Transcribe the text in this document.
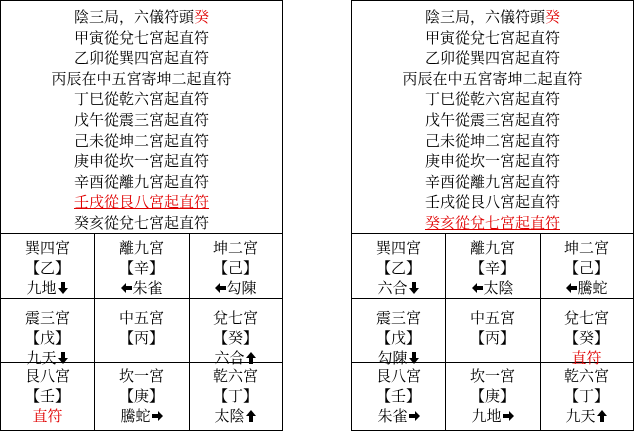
陰三局，六儀符頭癸
甲寅從兌七宮起直符
乙卯從巽四宮起直符
丙辰在中五宮寄坤二起直符
丁巳從乾六宮起直符
戊午從震三宮起直符
己未從坤二宮起直符
庚申從坎一宮起直符
辛酉從離九宮起直符
壬戌從艮八宮起直符
癸亥從兌七宮起直符
巽四宮
【乙】
九地
離九宮
【辛】
朱雀
坤二宮
【己】
勾陳
震三宮
【戊】
九天
中五宮
【丙】
兌七宮
【癸】
六合
艮八宮
【壬】
直符
坎一宮
【庚】
騰蛇
乾六宮
【丁】
太陰
陰三局，六儀符頭癸
甲寅從兌七宮起直符
乙卯從巽四宮起直符
丙辰在中五宮寄坤二起直符
丁巳從乾六宮起直符
戊午從震三宮起直符
己未從坤二宮起直符
庚申從坎一宮起直符
辛酉從離九宮起直符
壬戌從艮八宮起直符
癸亥從兌七宮起直符
巽四宮
【乙】
六合
離九宮
【辛】
太陰
坤二宮
【己】
騰蛇
震三宮
【戊】
勾陳
中五宮
【丙】
兌七宮
【癸】
直符
艮八宮
【壬】
朱雀
坎一宮
【庚】
九地
乾六宮
【丁】
九天
